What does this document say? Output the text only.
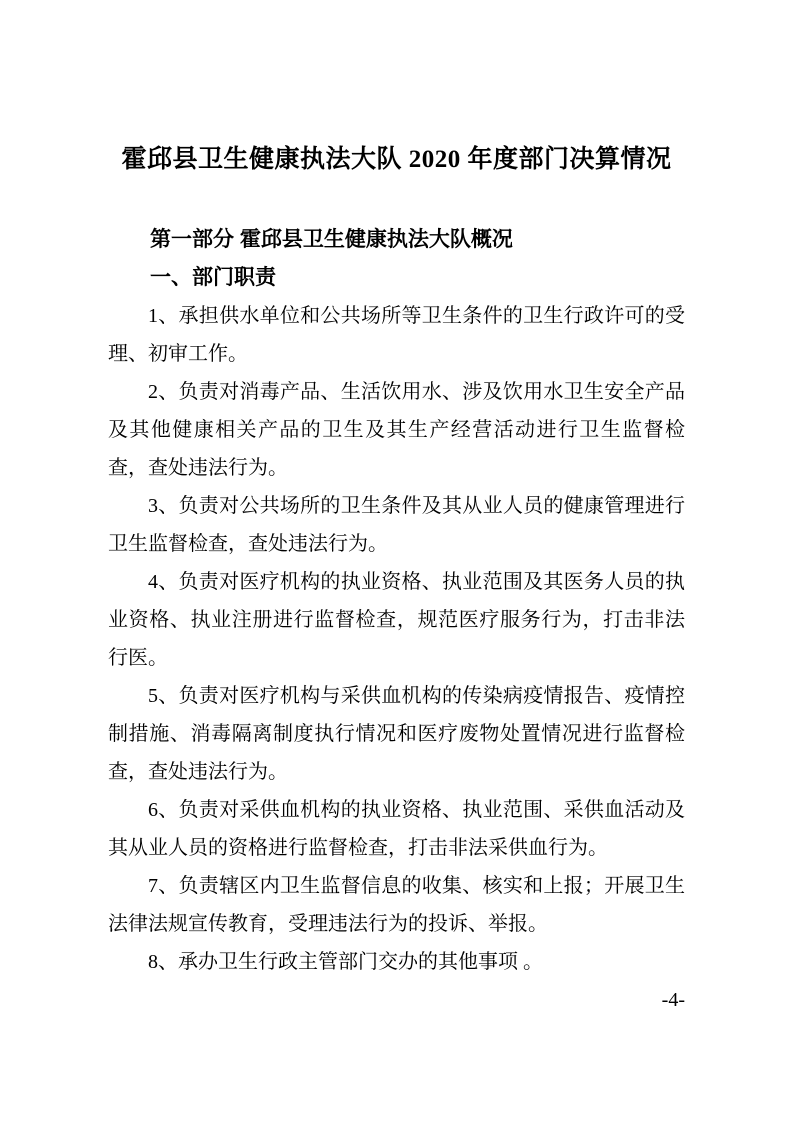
霍邱县卫生健康执法大队 2020 年度部门决算情况
第一部分 霍邱县卫生健康执法大队概况
一、部门职责

1、承担供水单位和公共场所等卫生条件的卫生行政许可的受理、初审工作。

2、负责对消毒产品、生活饮用水、涉及饮用水卫生安全产品及其他健康相关产品的卫生及其生产经营活动进行卫生监督检查，查处违法行为。

3、负责对公共场所的卫生条件及其从业人员的健康管理进行卫生监督检查，查处违法行为。

4、负责对医疗机构的执业资格、执业范围及其医务人员的执业资格、执业注册进行监督检查，规范医疗服务行为，打击非法行医。

5、负责对医疗机构与采供血机构的传染病疫情报告、疫情控制措施、消毒隔离制度执行情况和医疗废物处置情况进行监督检查，查处违法行为。

6、负责对采供血机构的执业资格、执业范围、采供血活动及其从业人员的资格进行监督检查，打击非法采供血行为。

7、负责辖区内卫生监督信息的收集、核实和上报；开展卫生法律法规宣传教育，受理违法行为的投诉、举报。

8、承办卫生行政主管部门交办的其他事项 。

-4-
